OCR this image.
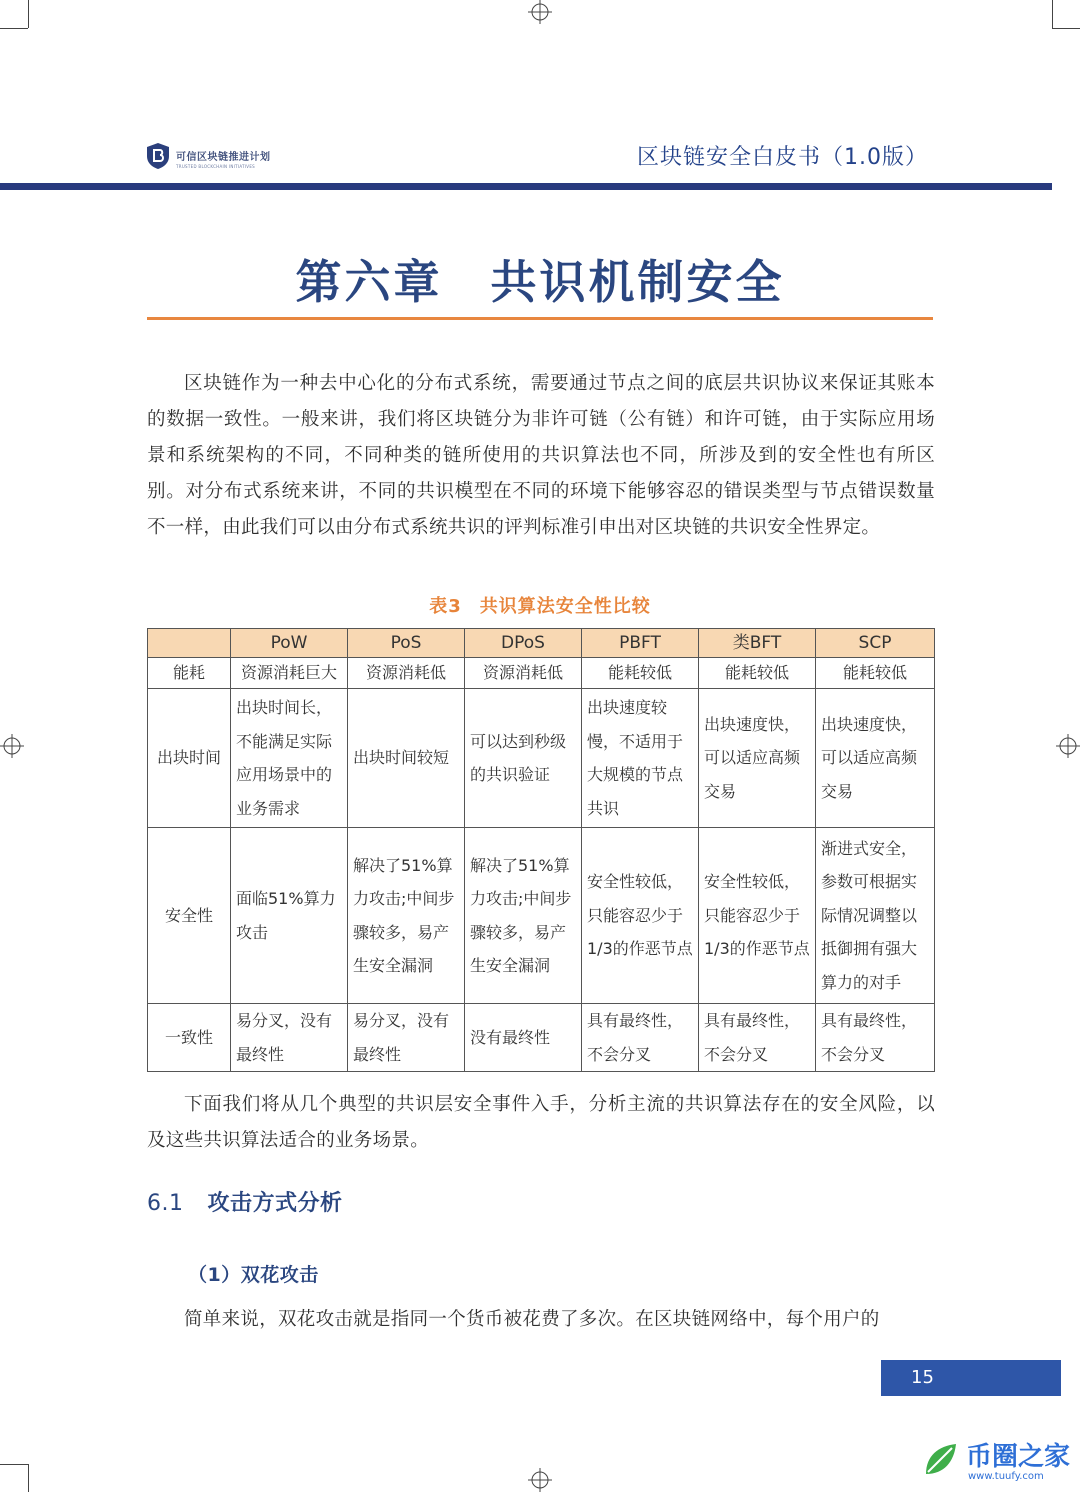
可信区块链推进计划
TRUSTED BLOCKCHAIN INITIATIVES	区块链安全白皮书（1.0版）
第六章 共识机制安全

区块链作为一种去中心化的分布式系统，需要通过节点之间的底层共识协议来保证其账本的数据一致性。一般来讲，我们将区块链分为非许可链（公有链）和许可链，由于实际应用场景和系统架构的不同，不同种类的链所使用的共识算法也不同，所涉及到的安全性也有所区别。对分布式系统来讲，不同的共识模型在不同的环境下能够容忍的错误类型与节点错误数量不一样，由此我们可以由分布式系统共识的评判标准引申出对区块链的共识安全性界定。

表3 共识算法安全性比较
	PoW	PoS	DPoS	PBFT	类BFT	SCP
能耗	资源消耗巨大	资源消耗低	资源消耗低	能耗较低	能耗较低	能耗较低
出块时间	出块时间长，不能满足实际应用场景中的业务需求	出块时间较短	可以达到秒级的共识验证	出块速度较慢，不适用于大规模的节点共识	出块速度快，可以适应高频交易	出块速度快，可以适应高频交易
安全性	面临51%算力攻击	解决了51%算力攻击;中间步骤较多，易产生安全漏洞	解决了51%算力攻击;中间步骤较多，易产生安全漏洞	安全性较低，只能容忍少于1/3的作恶节点	安全性较低，只能容忍少于1/3的作恶节点	渐进式安全，参数可根据实际情况调整以抵御拥有强大算力的对手
一致性	易分叉，没有最终性	易分叉，没有最终性	没有最终性	具有最终性，不会分叉	具有最终性，不会分叉	具有最终性，不会分叉

下面我们将从几个典型的共识层安全事件入手，分析主流的共识算法存在的安全风险，以及这些共识算法适合的业务场景。

6.1 攻击方式分析
（1）双花攻击

简单来说，双花攻击就是指同一个货币被花费了多次。在区块链网络中，每个用户的

15
币圈之家
www.tuufy.com
